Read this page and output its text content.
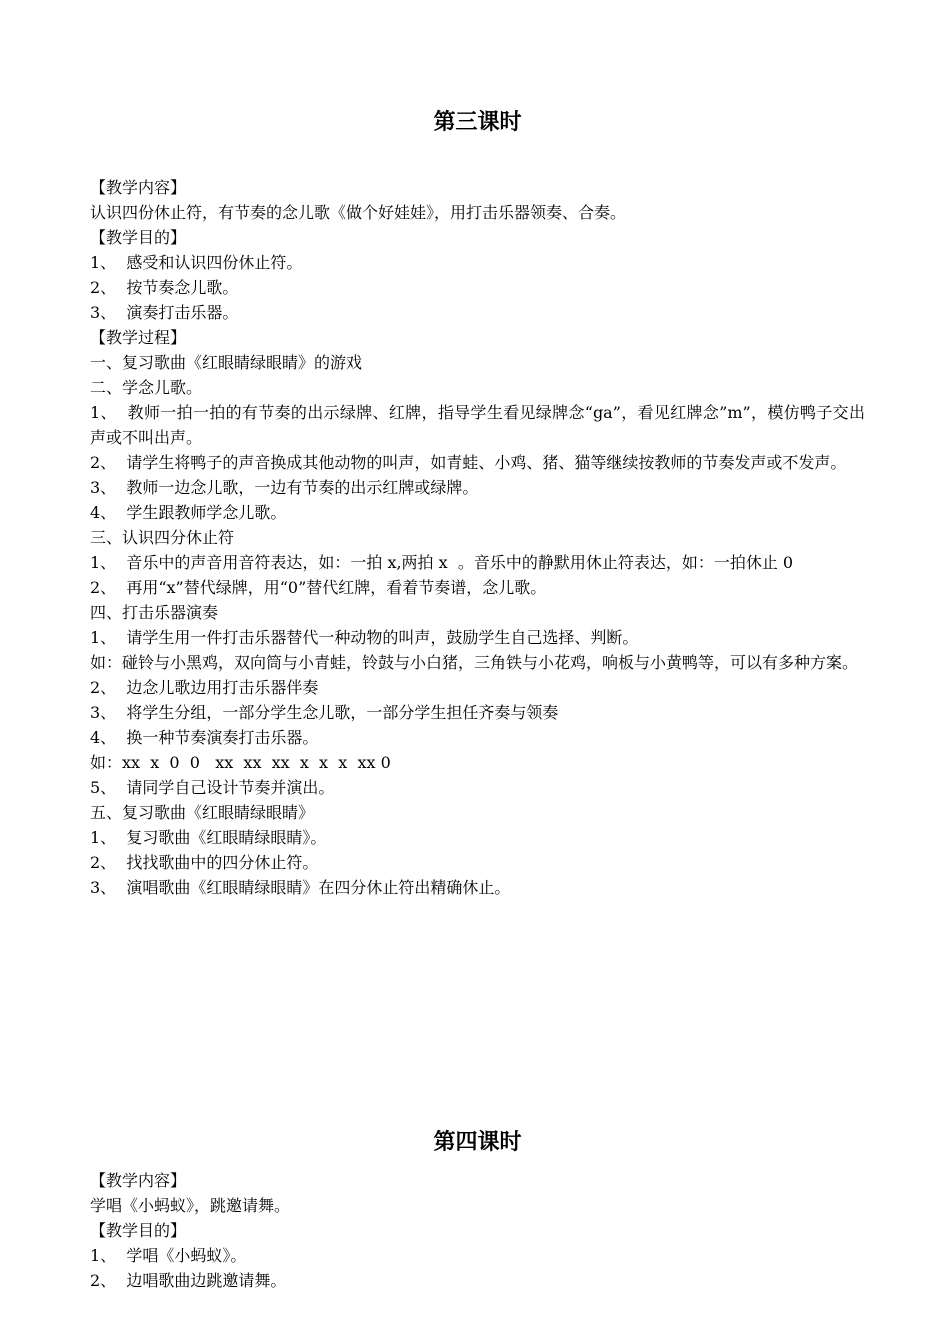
第三课时

【教学内容】

认识四份休止符，有节奏的念儿歌《做个好娃娃》，用打击乐器领奏、合奏。

【教学目的】

1、  感受和认识四份休止符。

2、  按节奏念儿歌。

3、  演奏打击乐器。

【教学过程】

一、复习歌曲《红眼睛绿眼睛》的游戏

二、学念儿歌。

1、  教师一拍一拍的有节奏的出示绿牌、红牌，指导学生看见绿牌念“ga”，看见红牌念”m”，模仿鸭子交出声或不叫出声。

2、  请学生将鸭子的声音换成其他动物的叫声，如青蛙、小鸡、猪、猫等继续按教师的节奏发声或不发声。

3、  教师一边念儿歌，一边有节奏的出示红牌或绿牌。

4、  学生跟教师学念儿歌。

三、认识四分休止符

1、  音乐中的声音用音符表达，如：一拍 x,两拍 x  。音乐中的静默用休止符表达，如：一拍休止 0

2、  再用“x”替代绿牌，用“0”替代红牌，看着节奏谱，念儿歌。

四、打击乐器演奏

1、  请学生用一件打击乐器替代一种动物的叫声，鼓励学生自己选择、判断。

如：碰铃与小黑鸡，双向筒与小青蛙，铃鼓与小白猪，三角铁与小花鸡，响板与小黄鸭等，可以有多种方案。

2、  边念儿歌边用打击乐器伴奏

3、  将学生分组，一部分学生念儿歌，一部分学生担任齐奏与领奏

4、  换一种节奏演奏打击乐器。

如：xx  x  0  0   xx  xx  xx  x  x  x  xx 0

5、  请同学自己设计节奏并演出。

五、复习歌曲《红眼睛绿眼睛》

1、  复习歌曲《红眼睛绿眼睛》。

2、  找找歌曲中的四分休止符。

3、  演唱歌曲《红眼睛绿眼睛》在四分休止符出精确休止。

第四课时

【教学内容】

学唱《小蚂蚁》，跳邀请舞。

【教学目的】

1、  学唱《小蚂蚁》。

2、  边唱歌曲边跳邀请舞。
